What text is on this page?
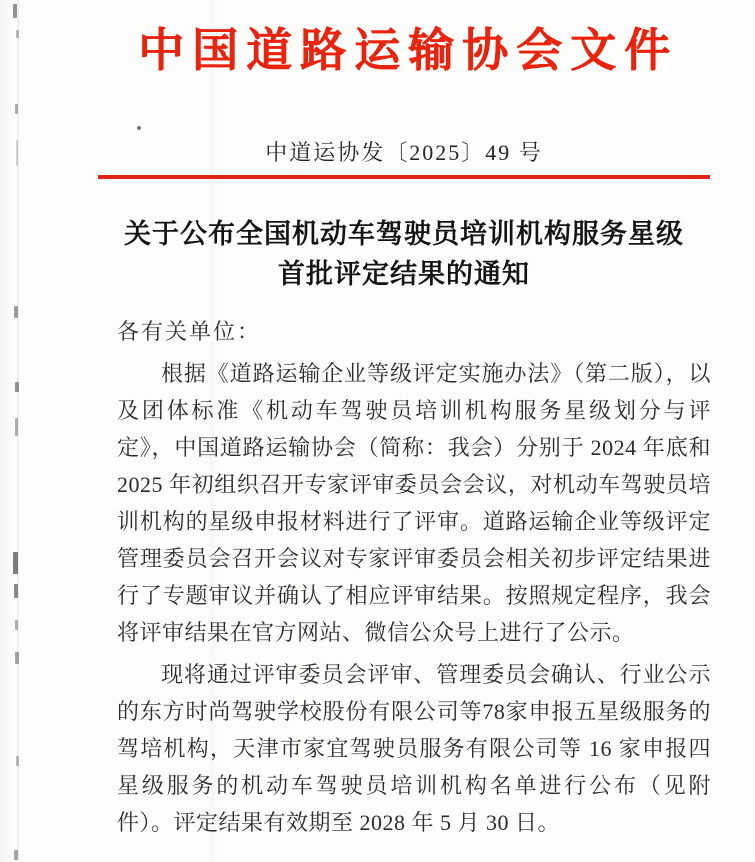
中国道路运输协会文件
中道运协发〔2025〕49 号
关于公布全国机动车驾驶员培训机构服务星级
首批评定结果的通知
各有关单位：

根据《道路运输企业等级评定实施办法》（第二版），以及团体标准《机动车驾驶员培训机构服务星级划分与评定》，中国道路运输协会（简称：我会）分别于 2024 年底和 2025 年初组织召开专家评审委员会会议，对机动车驾驶员培训机构的星级申报材料进行了评审。道路运输企业等级评定管理委员会召开会议对专家评审委员会相关初步评定结果进行了专题审议并确认了相应评审结果。按照规定程序，我会将评审结果在官方网站、微信公众号上进行了公示。

现将通过评审委员会评审、管理委员会确认、行业公示的东方时尚驾驶学校股份有限公司等78家申报五星级服务的驾培机构，天津市家宜驾驶员服务有限公司等 16 家申报四星级服务的机动车驾驶员培训机构名单进行公布（见附件）。评定结果有效期至 2028 年 5 月 30 日。
